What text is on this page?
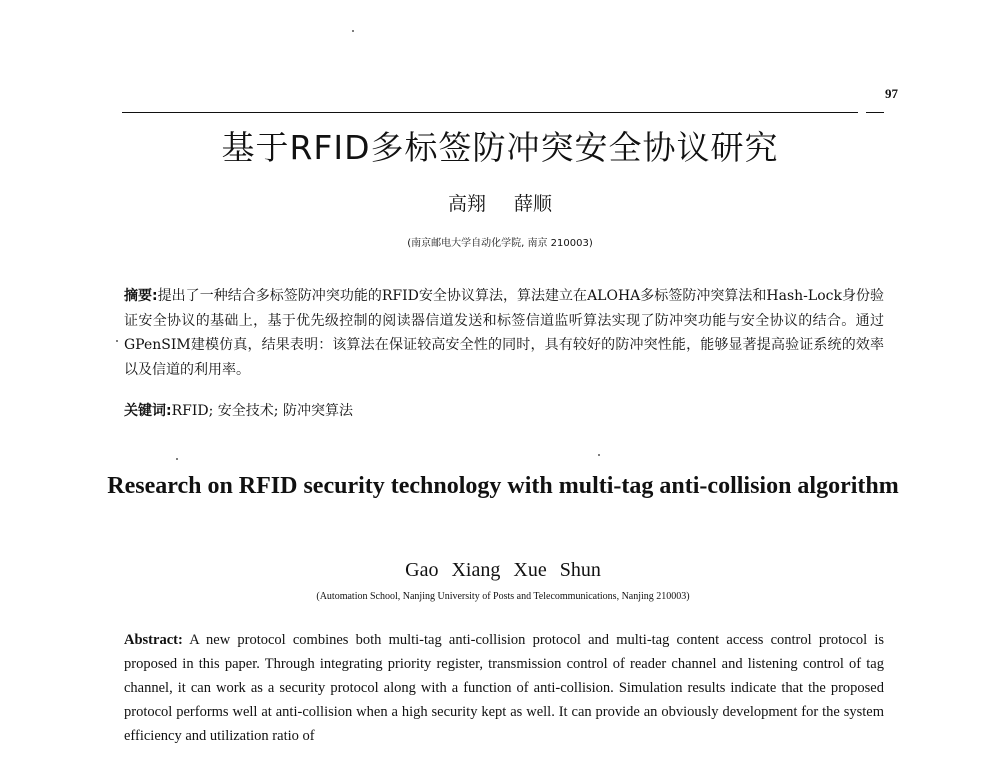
97
基于RFID多标签防冲突安全协议研究
高翔 薛顺
(南京邮电大学自动化学院, 南京 210003)
摘要:提出了一种结合多标签防冲突功能的RFID安全协议算法，算法建立在ALOHA多标签防冲突算法和Hash-Lock身份验证安全协议的基础上，基于优先级控制的阅读器信道发送和标签信道监听算法实现了防冲突功能与安全协议的结合。通过GPenSIM建模仿真，结果表明：该算法在保证较高安全性的同时，具有较好的防冲突性能，能够显著提高验证系统的效率以及信道的利用率。
关键词:RFID; 安全技术; 防冲突算法
Research on RFID security technology with multi-tag anti-collision algorithm
Gao Xiang Xue Shun
(Automation School, Nanjing University of Posts and Telecommunications, Nanjing 210003)
Abstract: A new protocol combines both multi-tag anti-collision protocol and multi-tag content access control protocol is proposed in this paper. Through integrating priority register, transmission control of reader channel and listening control of tag channel, it can work as a security protocol along with a function of anti-collision. Simulation results indicate that the proposed protocol performs well at anti-collision when a high security kept as well. It can provide an obviously development for the system efficiency and utilization ratio of
